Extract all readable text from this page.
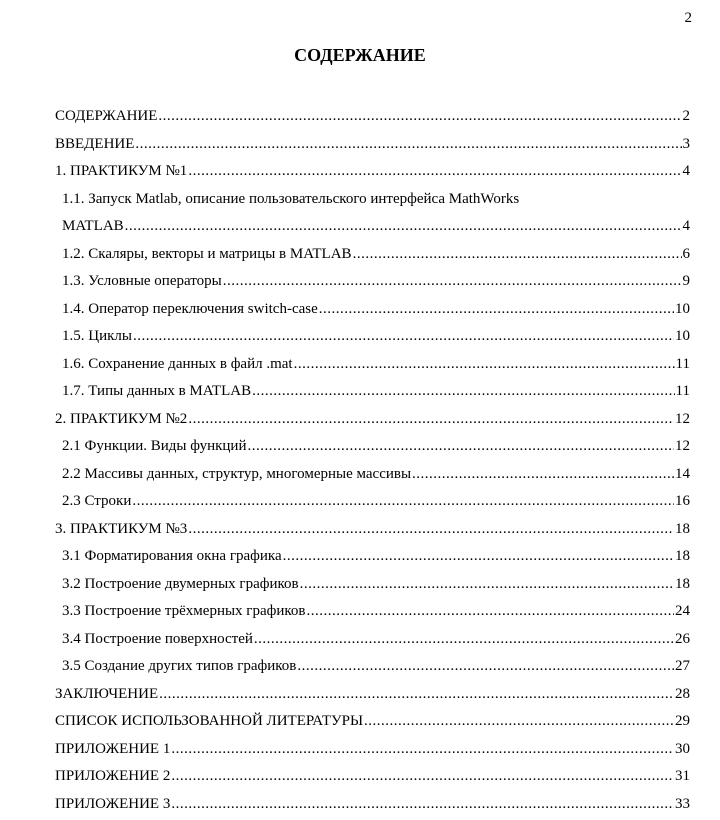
2
СОДЕРЖАНИЕ
СОДЕРЖАНИЕ .....	2
ВВЕДЕНИЕ .....	3
1. ПРАКТИКУМ №1 .....	4
1.1. Запуск Matlab, описание пользовательского интерфейса MathWorks
MATLAB .....	4
1.2. Скаляры, векторы и матрицы в MATLAB .....	6
1.3. Условные операторы .....	9
1.4. Оператор переключения switch-case .....	10
1.5. Циклы .....	10
1.6. Сохранение данных в файл .mat .....	11
1.7. Типы данных в MATLAB .....	11
2. ПРАКТИКУМ №2 .....	12
2.1 Функции. Виды функций .....	12
2.2 Массивы данных, структур, многомерные массивы .....	14
2.3 Строки .....	16
3. ПРАКТИКУМ №3 .....	18
3.1 Форматирования окна графика .....	18
3.2 Построение двумерных графиков .....	18
3.3 Построение трёхмерных графиков .....	24
3.4 Построение поверхностей .....	26
3.5 Создание других типов графиков .....	27
ЗАКЛЮЧЕНИЕ .....	28
СПИСОК ИСПОЛЬЗОВАННОЙ ЛИТЕРАТУРЫ .....	29
ПРИЛОЖЕНИЕ 1 .....	30
ПРИЛОЖЕНИЕ 2 .....	31
ПРИЛОЖЕНИЕ 3 .....	33
